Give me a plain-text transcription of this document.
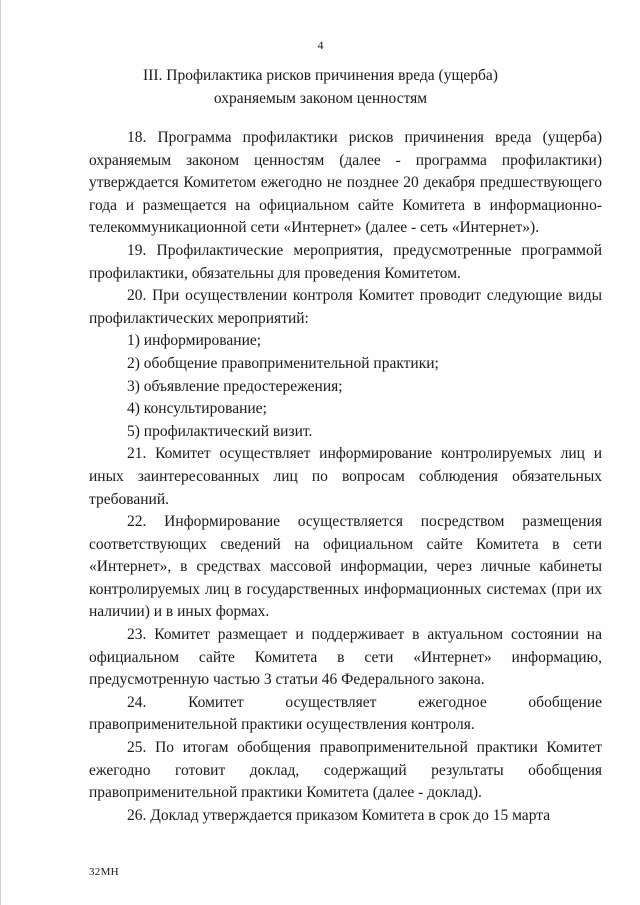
4
III. Профилактика рисков причинения вреда (ущерба)
охраняемым законом ценностям

18. Программа профилактики рисков причинения вреда (ущерба) охраняемым законом ценностям (далее - программа профилактики) утверждается Комитетом ежегодно не позднее 20 декабря предшествующего года и размещается на официальном сайте Комитета в информационно-телекоммуникационной сети «Интернет» (далее - сеть «Интернет»).

19. Профилактические мероприятия, предусмотренные программой профилактики, обязательны для проведения Комитетом.

20. При осуществлении контроля Комитет проводит следующие виды профилактических мероприятий:

1) информирование;

2) обобщение правоприменительной практики;

3) объявление предостережения;

4) консультирование;

5) профилактический визит.

21. Комитет осуществляет информирование контролируемых лиц и иных заинтересованных лиц по вопросам соблюдения обязательных требований.

22. Информирование осуществляется посредством размещения соответствующих сведений на официальном сайте Комитета в сети «Интернет», в средствах массовой информации, через личные кабинеты контролируемых лиц в государственных информационных системах (при их наличии) и в иных формах.

23. Комитет размещает и поддерживает в актуальном состоянии на официальном сайте Комитета в сети «Интернет» информацию, предусмотренную частью 3 статьи 46 Федерального закона.

24. Комитет осуществляет ежегодное обобщение правоприменительной практики осуществления контроля.

25. По итогам обобщения правоприменительной практики Комитет ежегодно готовит доклад, содержащий результаты обобщения правоприменительной практики Комитета (далее - доклад).

26. Доклад утверждается приказом Комитета в срок до 15 марта

32МН
